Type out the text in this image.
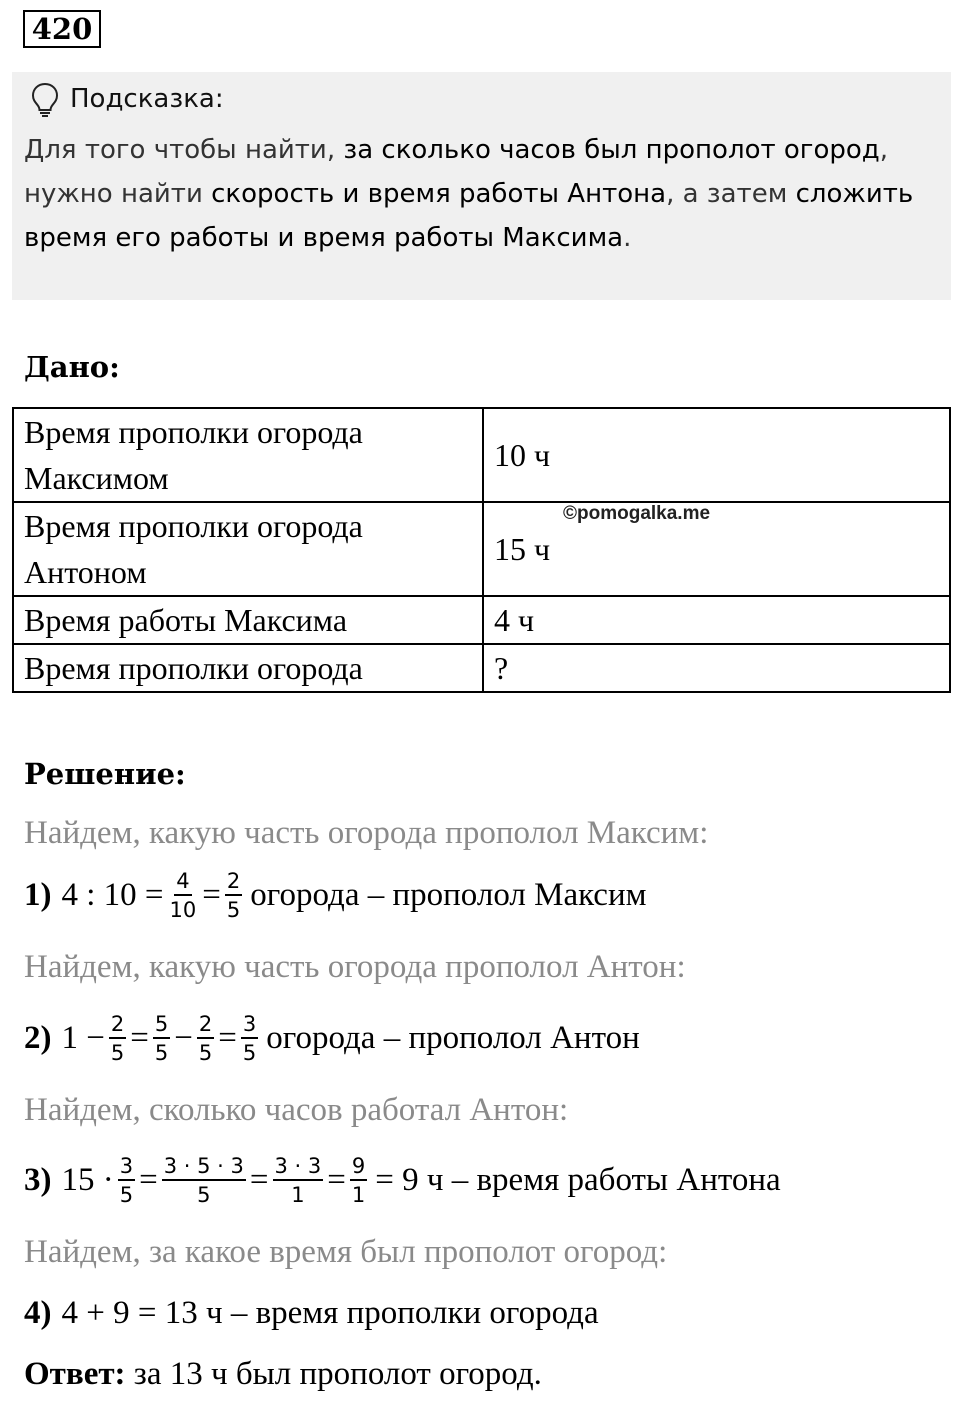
420
Подсказка:
Для того чтобы найти, за сколько часов был прополот огород, нужно найти скорость и время работы Антона, а затем сложить время его работы и время работы Максима.
Дано:
Время прополки огорода Максимом	10 ч
Время прополки огорода Антоном	15 ч
Время работы Максима	4 ч
Время прополки огорода	?
©pomogalka.me
Решение:
Найдем, какую часть огорода прополол Максим:
1) 4 : $10 = \frac{4}{10} = \frac{2}{5}$ огорода – прополол Максим
Найдем, какую часть огорода прополол Антон:
2) $1 - \frac{2}{5} = \frac{5}{5} - \frac{2}{5} = \frac{3}{5}$ огорода – прополол Антон
Найдем, сколько часов работал Антон:
3) $15 \cdot \frac{3}{5} = \frac{3 \cdot 5 \cdot 3}{5} = \frac{3 \cdot 3}{1} = \frac{9}{1} = 9$ ч – время работы Антона
Найдем, за какое время был прополот огород:
4) 4 + 9 = 13 ч – время прополки огорода
Ответ: за 13 ч был прополот огород.
